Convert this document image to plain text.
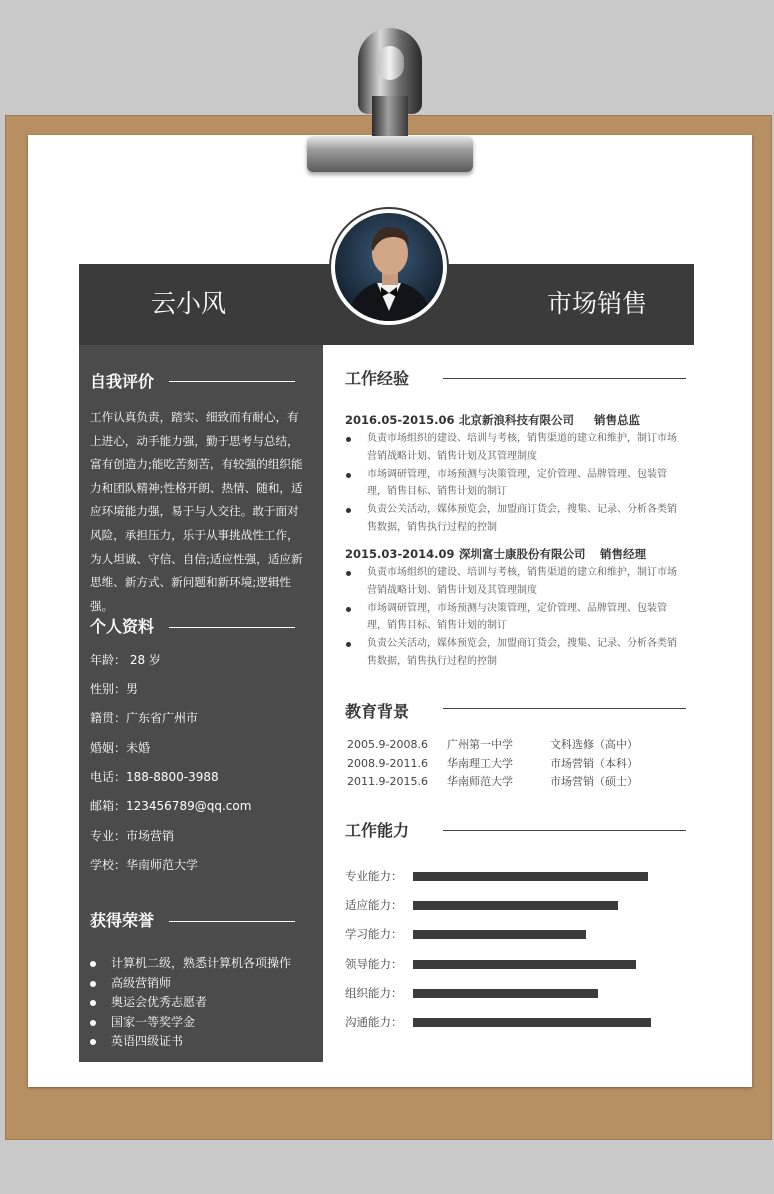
云小风	市场销售
自我评价

工作认真负责，踏实、细致而有耐心，有上进心，动手能力强，勤于思考与总结，富有创造力;能吃苦刻苦，有较强的组织能力和团队精神;性格开朗、热情、随和，适应环境能力强，易于与人交往。敢于面对风险，承担压力，乐于从事挑战性工作，为人坦诚、守信、自信;适应性强，适应新思维、新方式、新问题和新环境;逻辑性强。

个人资料
年龄： 28 岁
性别：男
籍贯：广东省广州市
婚姻：未婚
电话：188-8800-3988
邮箱：123456789@qq.com
专业：市场营销
学校：华南师范大学
获得荣誉
计算机二级，熟悉计算机各项操作
高级营销师
奥运会优秀志愿者
国家一等奖学金
英语四级证书
工作经验
2016.05-2015.06 北京新浪科技有限公司 销售总监
负责市场组织的建设、培训与考核，销售渠道的建立和维护，制订市场营销战略计划、销售计划及其管理制度
市场调研管理，市场预测与决策管理，定价管理、品牌管理、包装管理，销售目标、销售计划的制订
负责公关活动，媒体预览会，加盟商订货会，搜集、记录、分析各类销售数据，销售执行过程的控制
2015.03-2014.09 深圳富士康股份有限公司 销售经理
负责市场组织的建设、培训与考核，销售渠道的建立和维护，制订市场营销战略计划、销售计划及其管理制度
市场调研管理，市场预测与决策管理，定价管理、品牌管理、包装管理，销售目标、销售计划的制订
负责公关活动，媒体预览会，加盟商订货会，搜集、记录、分析各类销售数据，销售执行过程的控制
教育背景
2005.9-2008.6 广州第一中学	文科选修（高中）
2008.9-2011.6 华南理工大学	市场营销（本科）
2011.9-2015.6 华南师范大学	市场营销（硕士）
工作能力
专业能力：
适应能力：
学习能力：
领导能力：
组织能力：
沟通能力：
